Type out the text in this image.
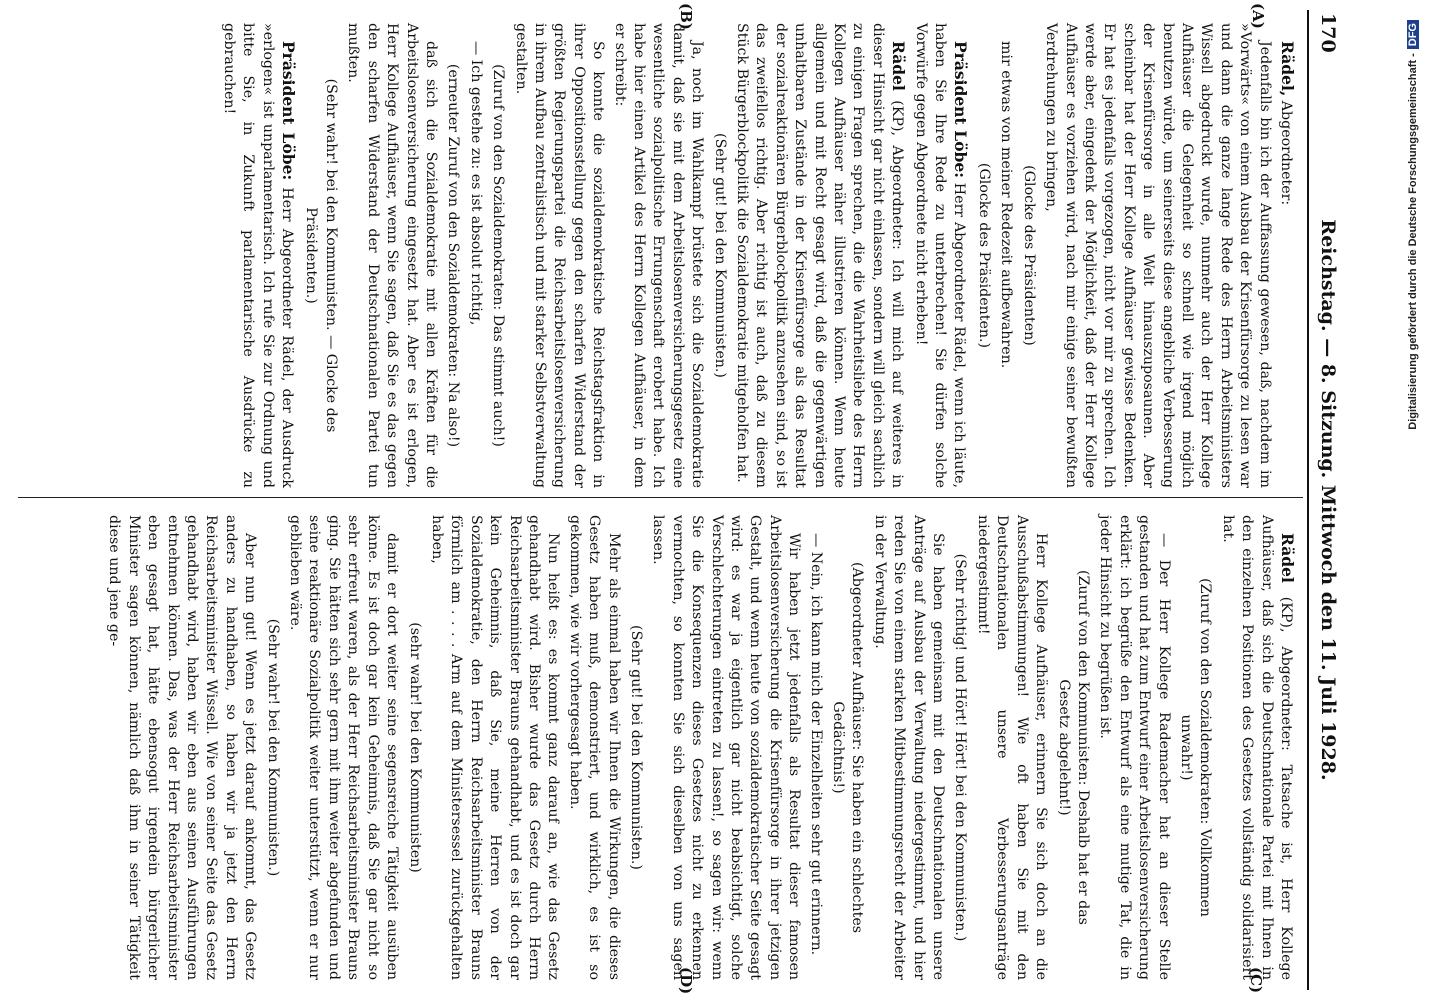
170
Reichstag. — 8. Sitzung. Mittwoch den 11. Juli 1928.
(A)
(B)
(C)
(D)

Rädel, Abgeordneter:

Jedenfalls bin ich der Auffassung gewesen, daß, nachdem im »Vorwärts« von einem Ausbau der Krisenfürsorge zu lesen war und dann die ganze lange Rede des Herrn Arbeitsministers Wissell abgedruckt wurde, nunmehr auch der Herr Kollege Aufhäuser die Gelegenheit so schnell wie irgend möglich benutzen würde, um seinerseits diese angebliche Verbesserung der Krisenfürsorge in alle Welt hinauszuposaunen. Aber scheinbar hat der Herr Kollege Aufhäuser gewisse Bedenken. Er hat es jedenfalls vorgezogen, nicht vor mir zu sprechen. Ich werde aber, eingedenk der Möglichkeit, daß der Herr Kollege Aufhäuser es vorziehen wird, nach mir einige seiner bewußten Verdrehungen zu bringen,

(Glocke des Präsidenten)

mir etwas von meiner Redezeit aufbewahren.

(Glocke des Präsidenten.)

Präsident Löbe: Herr Abgeordneter Rädel, wenn ich läute, haben Sie Ihre Rede zu unterbrechen! Sie dürfen solche Vorwürfe gegen Abgeordnete nicht erheben!

Rädel (KP), Abgeordneter: Ich will mich auf weiteres in dieser Hinsicht gar nicht einlassen, sondern will gleich sachlich zu einigen Fragen sprechen, die die Wahrheitsliebe des Herrn Kollegen Aufhäuser näher illustrieren können. Wenn heute allgemein und mit Recht gesagt wird, daß die gegenwärtigen unhaltbaren Zustände in der Krisenfürsorge als das Resultat der sozialreaktionären Bürgerblockpolitik anzusehen sind, so ist das zweifellos richtig. Aber richtig ist auch, daß zu diesem Stück Bürgerblockpolitik die Sozialdemokratie mitgeholfen hat.

(Sehr gut! bei den Kommunisten.)

Ja, noch im Wahlkampf brüstete sich die Sozialdemokratie damit, daß sie mit dem Arbeitslosenversicherungsgesetz eine wesentliche sozialpolitische Errungenschaft erobert habe. Ich habe hier einen Artikel des Herrn Kollegen Aufhäuser, in dem er schreibt:

So konnte die sozialdemokratische Reichstagsfraktion in ihrer Oppositionsstellung gegen den scharfen Widerstand der größten Regierungspartei die Reichsarbeitslosenversicherung in ihrem Aufbau zentralistisch und mit starker Selbstverwaltung gestalten.

(Zuruf von den Sozialdemokraten: Das stimmt auch!)

— Ich gestehe zu: es ist absolut richtig,

(erneuter Zuruf von den Sozialdemokraten: Na also!)

daß sich die Sozialdemokratie mit allen Kräften für die Arbeitslosenversicherung eingesetzt hat. Aber es ist erlogen, Herr Kollege Aufhäuser, wenn Sie sagen, daß Sie es das gegen den scharfen Widerstand der Deutschnationalen Partei tun mußten.

(Sehr wahr! bei den Kommunisten. — Glocke des Präsidenten.)

Präsident Löbe: Herr Abgeordneter Rädel, der Ausdruck »erlogen« ist unparlamentarisch. Ich rufe Sie zur Ordnung und bitte Sie, in Zukunft parlamentarische Ausdrücke zu gebrauchen!

Rädel (KP), Abgeordneter: Tatsache ist, Herr Kollege Aufhäuser, daß sich die Deutschnationale Partei mit Ihnen in den einzelnen Positionen des Gesetzes vollständig solidarisiert hat.

(Zuruf von den Sozialdemokraten: Vollkommen unwahr!)

— Der Herr Kollege Rademacher hat an dieser Stelle gestanden und hat zum Entwurf einer Arbeitslosenversicherung erklärt: ich begrüße den Entwurf als eine mutige Tat, die in jeder Hinsicht zu begrüßen ist.

(Zuruf von den Kommunisten: Deshalb hat er das Gesetz abgelehnt!)

Herr Kollege Aufhäuser, erinnern Sie sich doch an die Ausschußabstimmungen! Wie oft haben Sie mit den Deutschnationalen unsere Verbesserungsanträge niedergestimmt!

(Sehr richtig! und Hört! Hört! bei den Kommunisten.)

Sie haben gemeinsam mit den Deutschnationalen unsere Anträge auf Ausbau der Verwaltung niedergestimmt, und hier reden Sie von einem starken Mitbestimmungsrecht der Arbeiter in der Verwaltung.

(Abgeordneter Aufhäuser: Sie haben ein schlechtes Gedächtnis!)

— Nein, ich kann mich der Einzelheiten sehr gut erinnern.

Wir haben jetzt jedenfalls als Resultat dieser famosen Arbeitslosenversicherung die Krisenfürsorge in ihrer jetzigen Gestalt, und wenn heute von sozialdemokratischer Seite gesagt wird: es war ja eigentlich gar nicht beabsichtigt, solche Verschlechterungen eintreten zu lassen!, so sagen wir: wenn Sie die Konsequenzen dieses Gesetzes nicht zu erkennen vermochten, so konnten Sie sich dieselben von uns sagen lassen.

(Sehr gut! bei den Kommunisten.)

Mehr als einmal haben wir Ihnen die Wirkungen, die dieses Gesetz haben muß, demonstriert, und wirklich, es ist so gekommen, wie wir vorhergesagt haben.

Nun heißt es: es kommt ganz darauf an, wie das Gesetz gehandhabt wird. Bisher wurde das Gesetz durch Herrn Reichsarbeitsminister Brauns gehandhabt, und es ist doch gar kein Geheimnis, daß Sie, meine Herren von der Sozialdemokratie, den Herrn Reichsarbeitsminister Brauns förmlich am . . . . Arm auf dem Ministersessel zurückgehalten haben,

(sehr wahr! bei den Kommunisten)

damit er dort weiter seine segensreiche Tätigkeit ausüben könne. Es ist doch gar kein Geheimnis, daß Sie gar nicht so sehr erfreut waren, als der Herr Reichsarbeitsminister Brauns ging. Sie hätten sich sehr gern mit ihm weiter abgefunden und seine reaktionäre Sozialpolitik weiter unterstützt, wenn er nur geblieben wäre.

(Sehr wahr! bei den Kommunisten.)

Aber nun gut! Wenn es jetzt darauf ankommt, das Gesetz anders zu handhaben, so haben wir ja jetzt den Herrn Reichsarbeitsminister Wissell. Wie von seiner Seite das Gesetz gehandhabt wird, haben wir eben aus seinen Ausführungen entnehmen können. Das, was der Herr Reichsarbeitsminister eben gesagt hat, hätte ebensogut irgendein bürgerlicher Minister sagen können, nämlich daß ihm in seiner Tätigkeit diese und jene ge-

Digitalisierung gefördert durch die Deutsche Forschungsgemeinschaft -DFG
